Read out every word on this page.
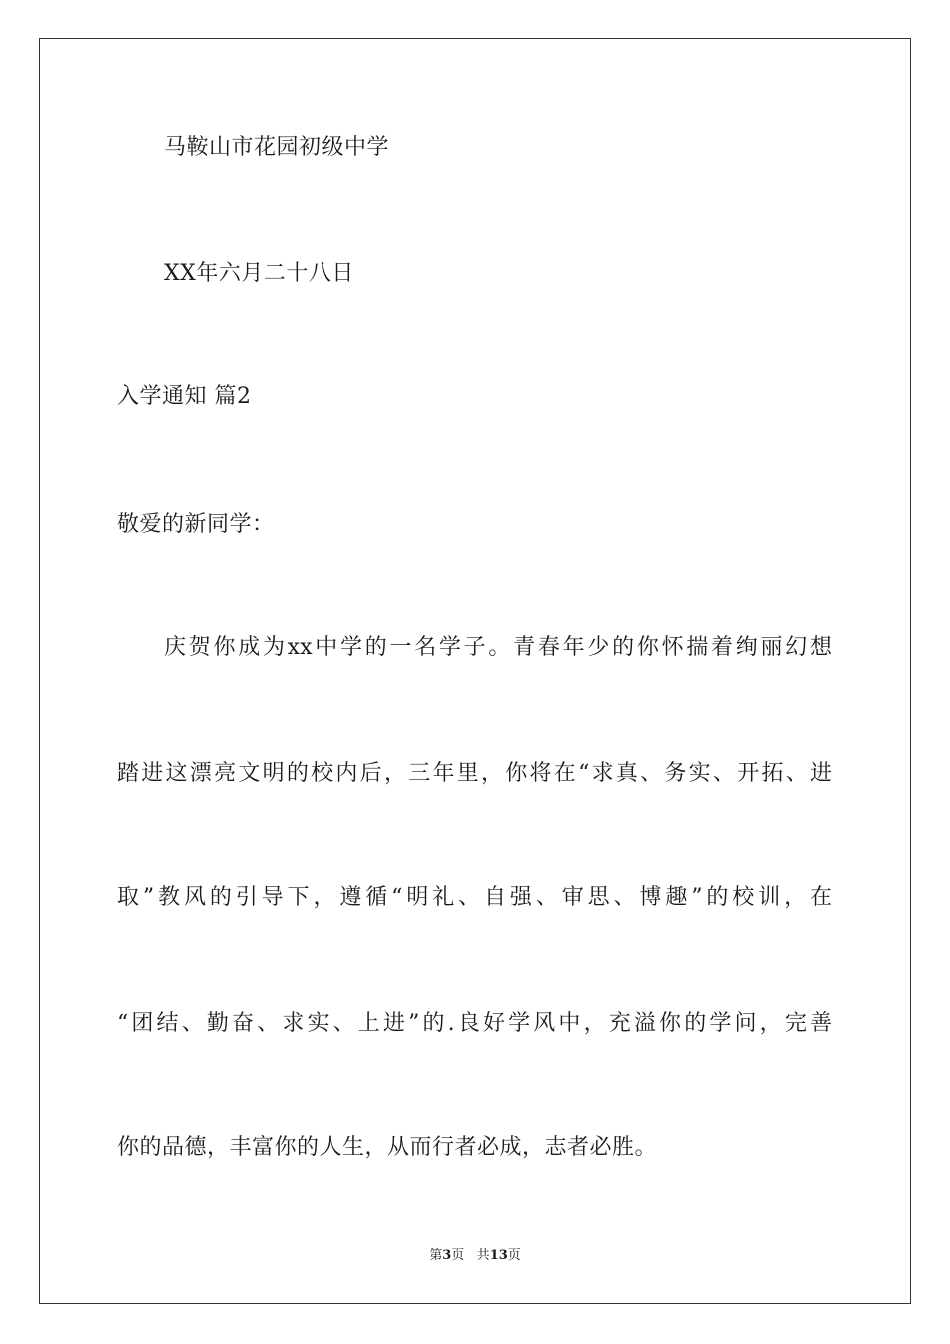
马鞍山市花园初级中学
XX年六月二十八日
入学通知 篇2
敬爱的新同学：
庆贺你成为xx中学的一名学子。青春年少的你怀揣着绚丽幻想
踏进这漂亮文明的校内后，三年里，你将在“求真、务实、开拓、进
取”教风的引导下，遵循“明礼、自强、审思、博趣”的校训，在
“团结、勤奋、求实、上进”的.良好学风中，充溢你的学问，完善
你的品德，丰富你的人生，从而行者必成，志者必胜。
第3页 共13页
